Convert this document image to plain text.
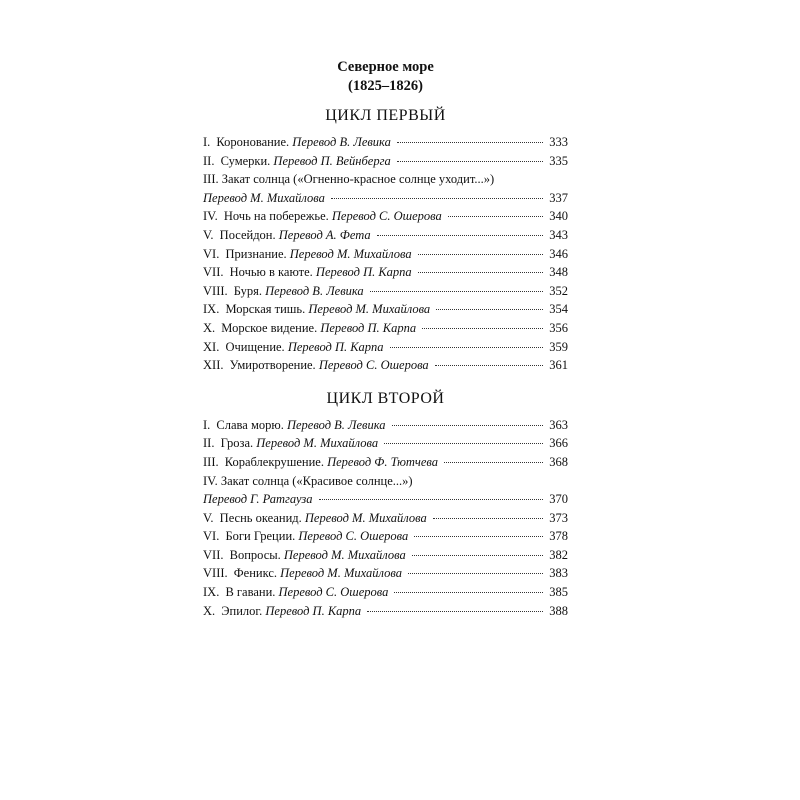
Северное море
(1825–1826)
ЦИКЛ ПЕРВЫЙ
I. Коронование. Перевод В. Левика	333
II. Сумерки. Перевод П. Вейнберга	335
III. Закат солнца («Огненно-красное солнце уходит...»)
Перевод М. Михайлова	337
IV. Ночь на побережье. Перевод С. Ошерова	340
V. Посейдон. Перевод А. Фета	343
VI. Признание. Перевод М. Михайлова	346
VII. Ночью в каюте. Перевод П. Карпа	348
VIII. Буря. Перевод В. Левика	352
IX. Морская тишь. Перевод М. Михайлова	354
X. Морское видение. Перевод П. Карпа	356
XI. Очищение. Перевод П. Карпа	359
XII. Умиротворение. Перевод С. Ошерова	361
ЦИКЛ ВТОРОЙ
I. Слава морю. Перевод В. Левика	363
II. Гроза. Перевод М. Михайлова	366
III. Кораблекрушение. Перевод Ф. Тютчева	368
IV. Закат солнца («Красивое солнце...»)
Перевод Г. Ратгауза	370
V. Песнь океанид. Перевод М. Михайлова	373
VI. Боги Греции. Перевод С. Ошерова	378
VII. Вопросы. Перевод М. Михайлова	382
VIII. Феникс. Перевод М. Михайлова	383
IX. В гавани. Перевод С. Ошерова	385
X. Эпилог. Перевод П. Карпа	388
